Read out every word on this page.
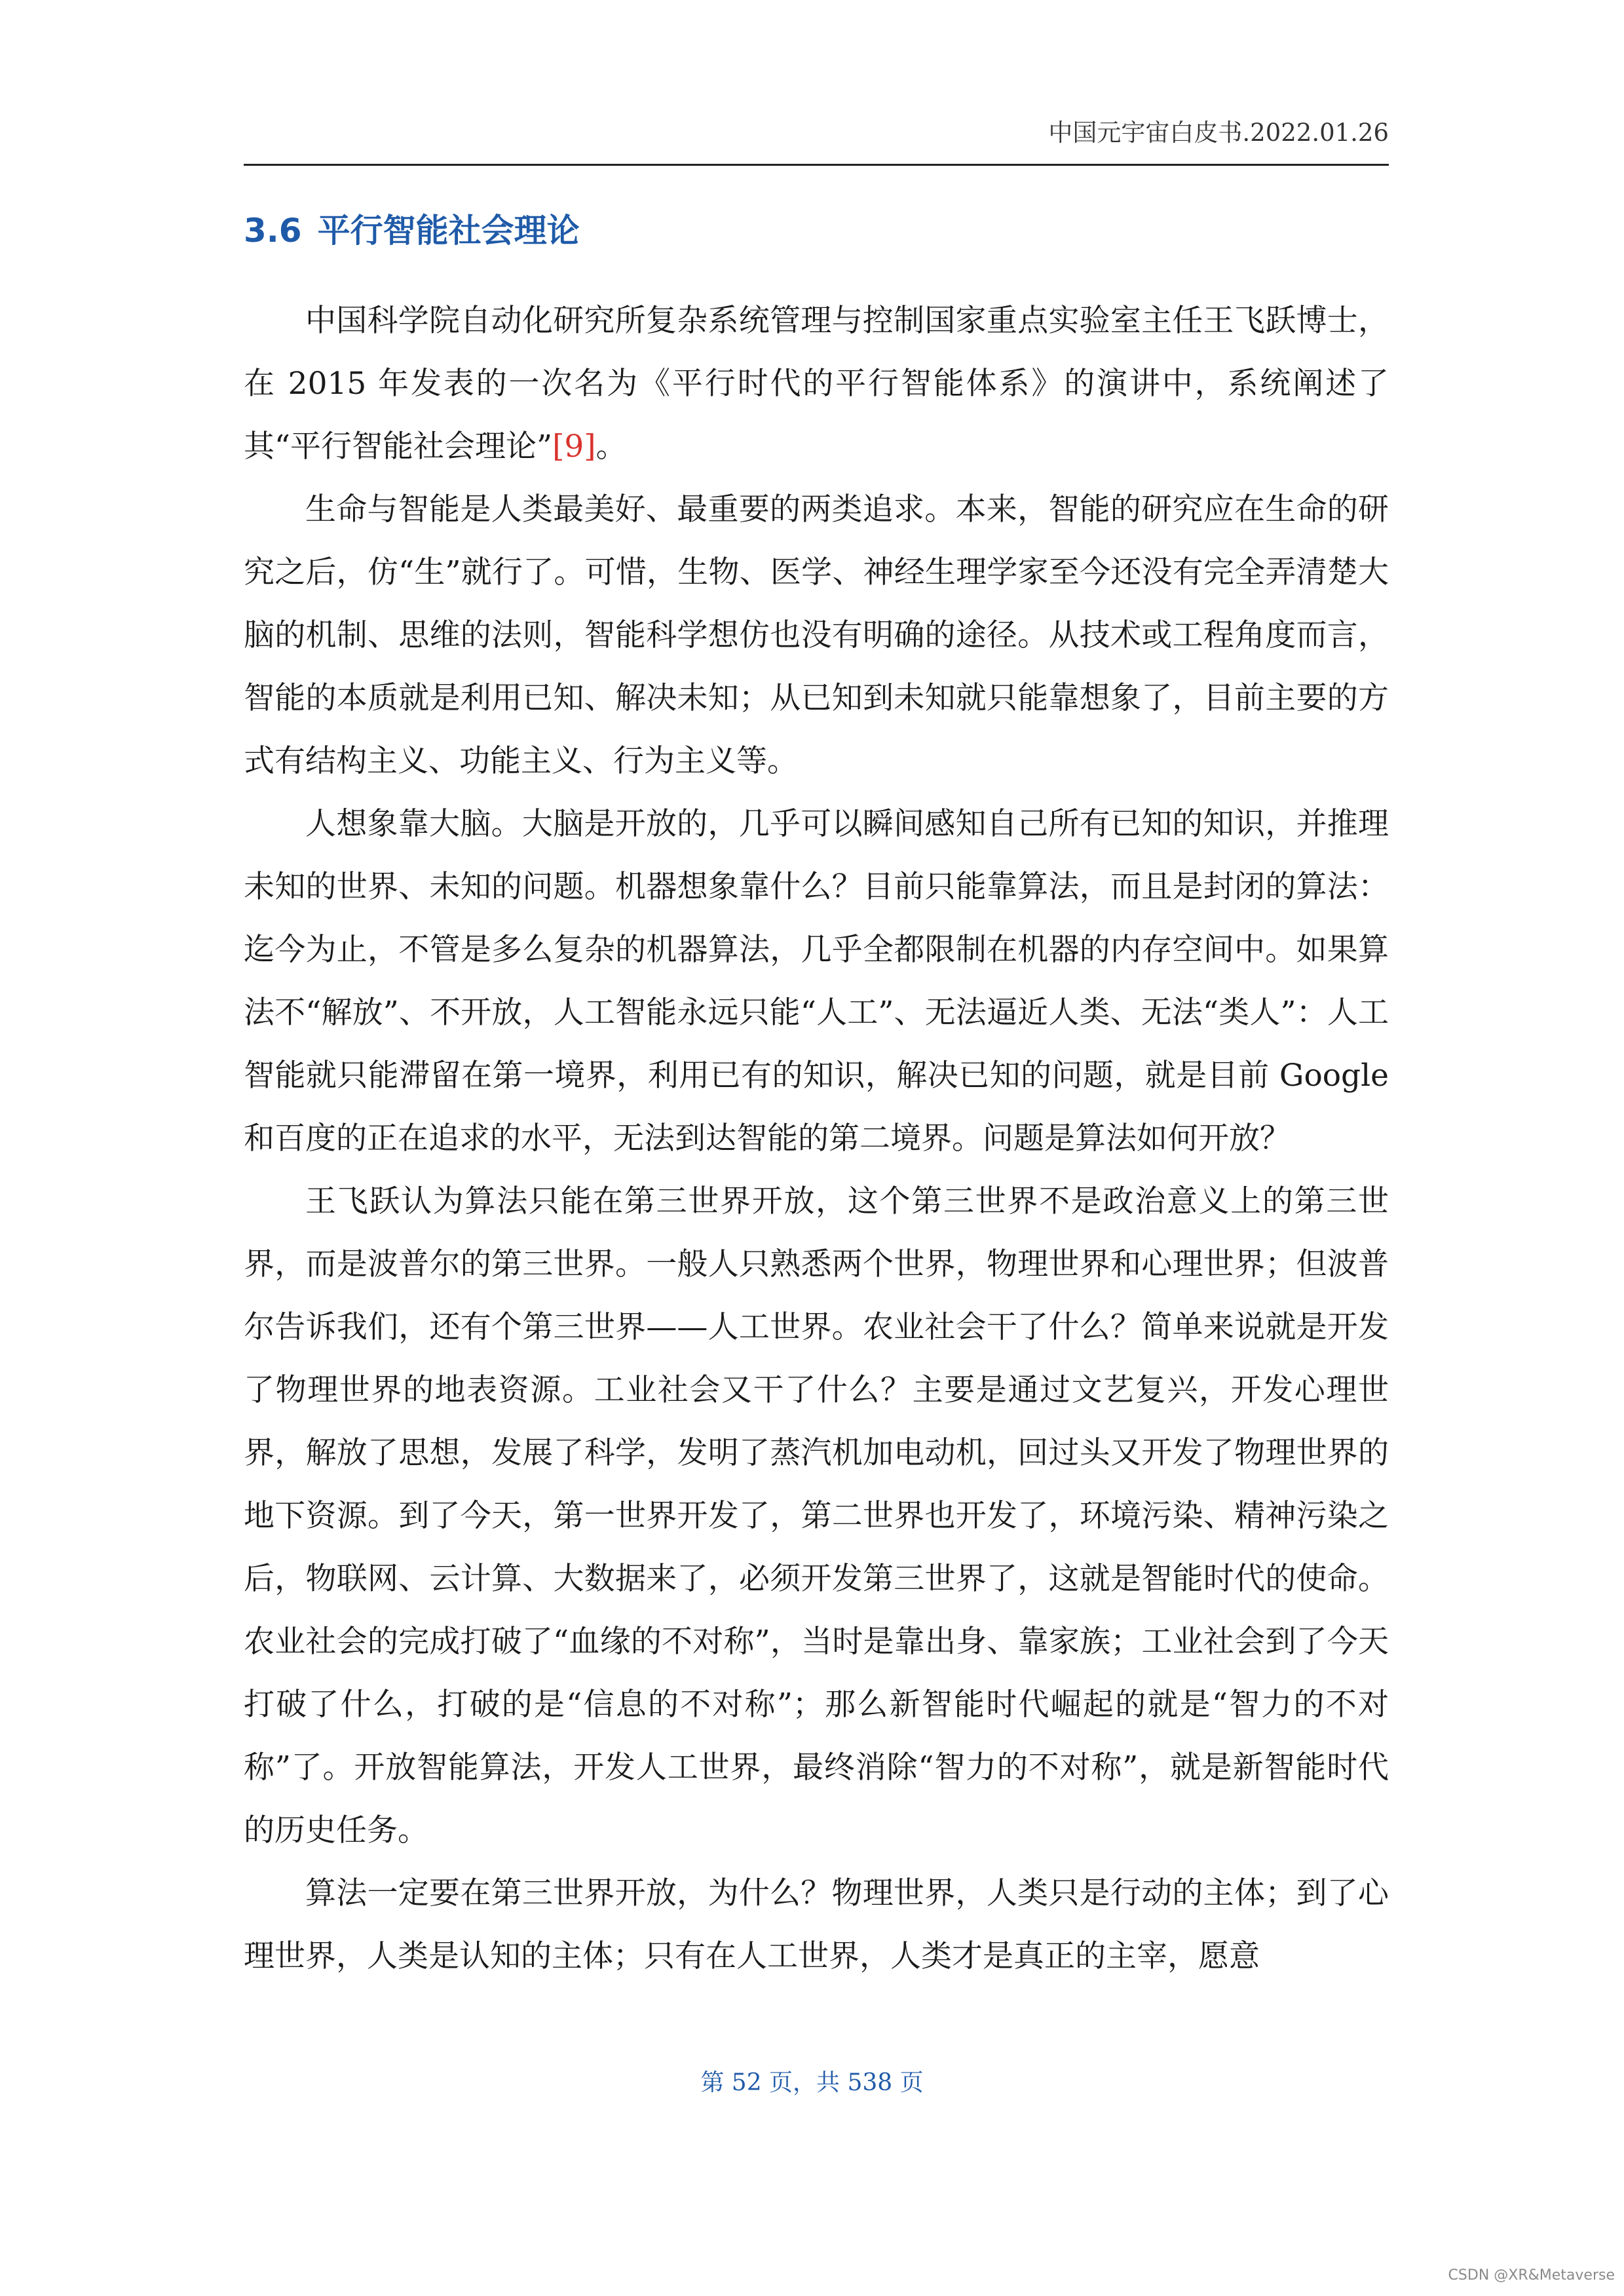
中国元宇宙白皮书.2022.01.26
3.6 平行智能社会理论

中国科学院自动化研究所复杂系统管理与控制国家重点实验室主任王飞跃博士，在 2015 年发表的一次名为《平行时代的平行智能体系》的演讲中，系统阐述了其“平行智能社会理论”[9]。

生命与智能是人类最美好、最重要的两类追求。本来，智能的研究应在生命的研究之后，仿“生”就行了。可惜，生物、医学、神经生理学家至今还没有完全弄清楚大脑的机制、思维的法则，智能科学想仿也没有明确的途径。从技术或工程角度而言，智能的本质就是利用已知、解决未知；从已知到未知就只能靠想象了，目前主要的方式有结构主义、功能主义、行为主义等。

人想象靠大脑。大脑是开放的，几乎可以瞬间感知自己所有已知的知识，并推理未知的世界、未知的问题。机器想象靠什么？目前只能靠算法，而且是封闭的算法：迄今为止，不管是多么复杂的机器算法，几乎全都限制在机器的内存空间中。如果算法不“解放”、不开放，人工智能永远只能“人工”、无法逼近人类、无法“类人”：人工智能就只能滞留在第一境界，利用已有的知识，解决已知的问题，就是目前 Google 和百度的正在追求的水平，无法到达智能的第二境界。问题是算法如何开放？

王飞跃认为算法只能在第三世界开放，这个第三世界不是政治意义上的第三世界，而是波普尔的第三世界。一般人只熟悉两个世界，物理世界和心理世界；但波普尔告诉我们，还有个第三世界——人工世界。农业社会干了什么？简单来说就是开发了物理世界的地表资源。工业社会又干了什么？主要是通过文艺复兴，开发心理世界，解放了思想，发展了科学，发明了蒸汽机加电动机，回过头又开发了物理世界的地下资源。到了今天，第一世界开发了，第二世界也开发了，环境污染、精神污染之后，物联网、云计算、大数据来了，必须开发第三世界了，这就是智能时代的使命。农业社会的完成打破了“血缘的不对称”，当时是靠出身、靠家族；工业社会到了今天打破了什么，打破的是“信息的不对称”；那么新智能时代崛起的就是“智力的不对称”了。开放智能算法，开发人工世界，最终消除“智力的不对称”，就是新智能时代的历史任务。

算法一定要在第三世界开放，为什么？物理世界，人类只是行动的主体；到了心理世界，人类是认知的主体；只有在人工世界，人类才是真正的主宰，愿意

第 52 页，共 538 页
CSDN @XR&Metaverse
